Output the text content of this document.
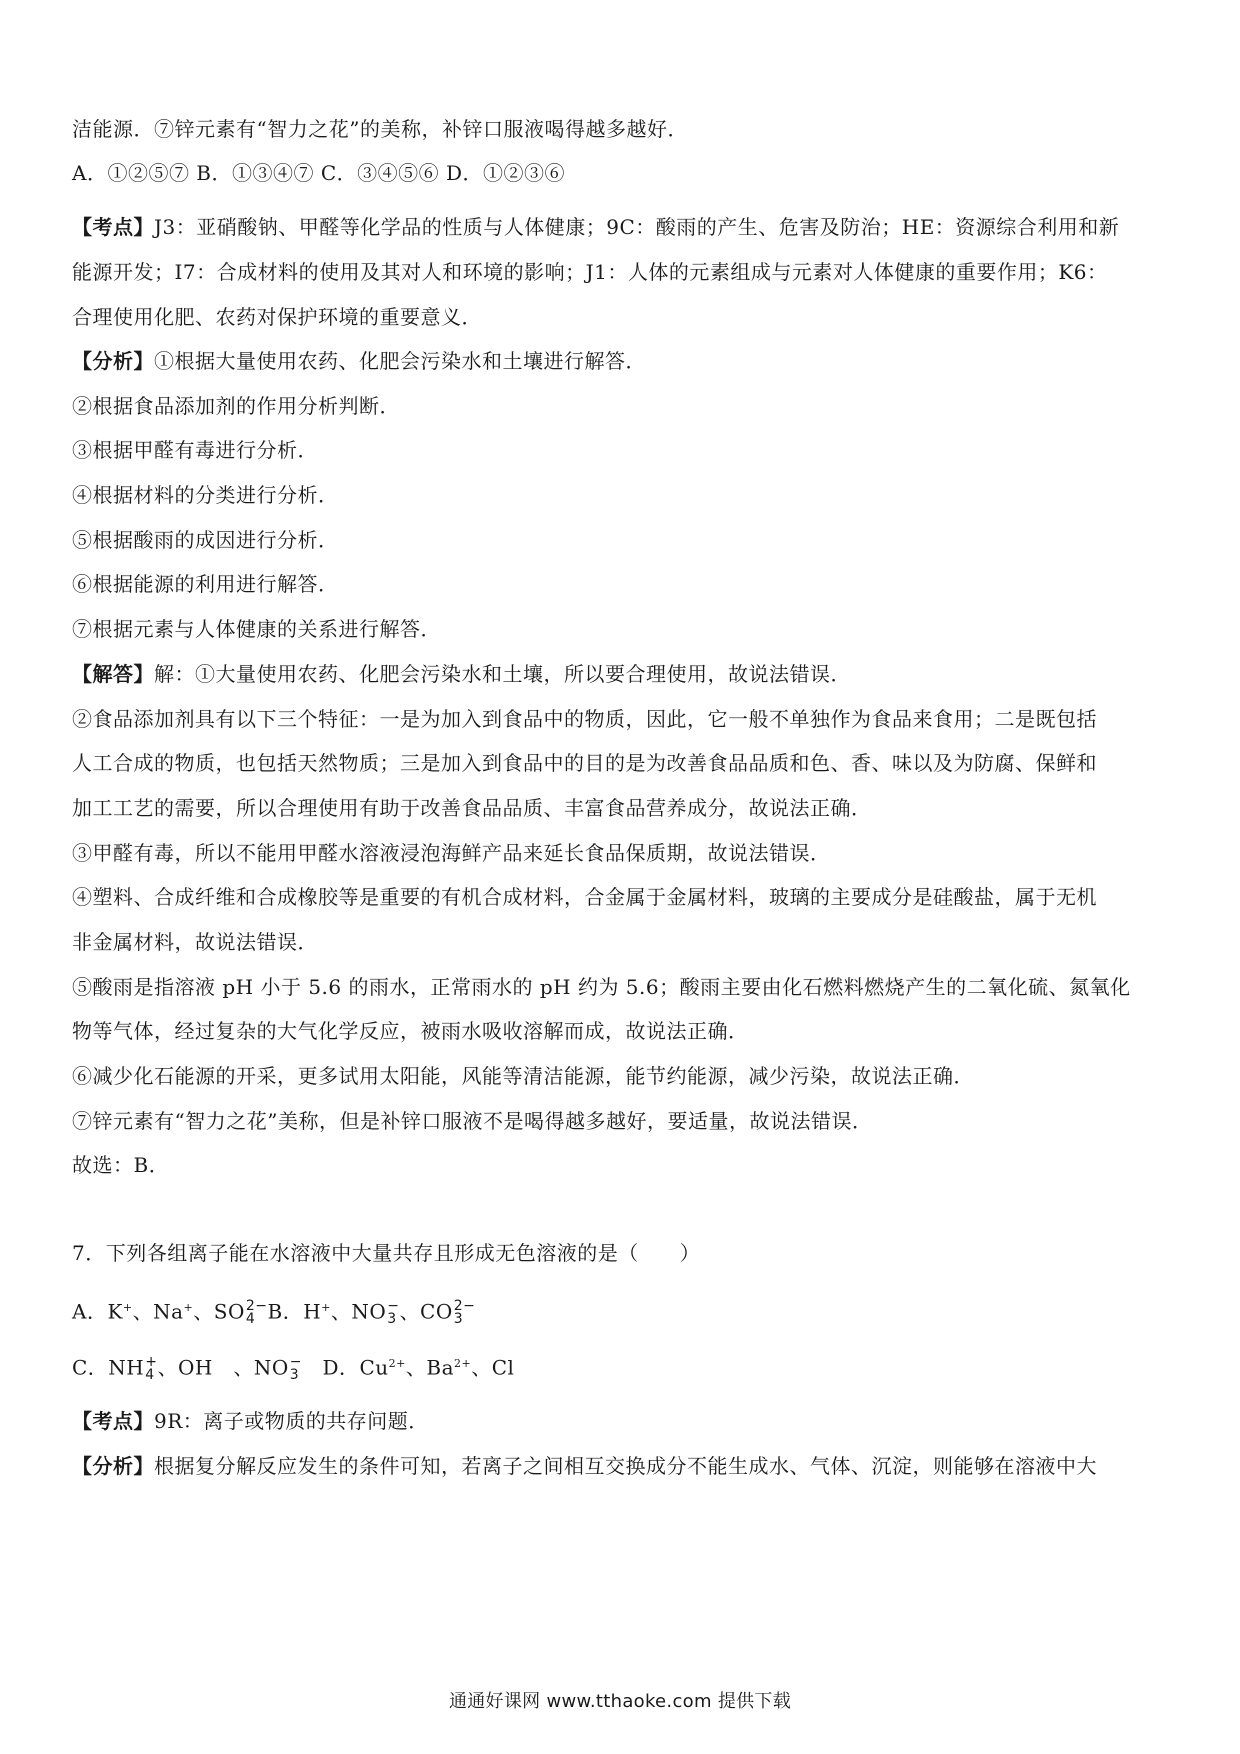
洁能源．⑦锌元素有“智力之花”的美称，补锌口服液喝得越多越好．
A．①②⑤⑦ B．①③④⑦ C．③④⑤⑥ D．①②③⑥
【考点】J3：亚硝酸钠、甲醛等化学品的性质与人体健康；9C：酸雨的产生、危害及防治；HE：资源综合利用和新
能源开发；I7：合成材料的使用及其对人和环境的影响；J1：人体的元素组成与元素对人体健康的重要作用；K6：
合理使用化肥、农药对保护环境的重要意义．
【分析】①根据大量使用农药、化肥会污染水和土壤进行解答．
②根据食品添加剂的作用分析判断．
③根据甲醛有毒进行分析．
④根据材料的分类进行分析．
⑤根据酸雨的成因进行分析．
⑥根据能源的利用进行解答．
⑦根据元素与人体健康的关系进行解答．
【解答】解：①大量使用农药、化肥会污染水和土壤，所以要合理使用，故说法错误．
②食品添加剂具有以下三个特征：一是为加入到食品中的物质，因此，它一般不单独作为食品来食用；二是既包括
人工合成的物质，也包括天然物质；三是加入到食品中的目的是为改善食品品质和色、香、味以及为防腐、保鲜和
加工工艺的需要，所以合理使用有助于改善食品品质、丰富食品营养成分，故说法正确．
③甲醛有毒，所以不能用甲醛水溶液浸泡海鲜产品来延长食品保质期，故说法错误．
④塑料、合成纤维和合成橡胶等是重要的有机合成材料，合金属于金属材料，玻璃的主要成分是硅酸盐，属于无机
非金属材料，故说法错误．
⑤酸雨是指溶液 pH 小于 5.6 的雨水，正常雨水的 pH 约为 5.6；酸雨主要由化石燃料燃烧产生的二氧化硫、氮氧化
物等气体，经过复杂的大气化学反应，被雨水吸收溶解而成，故说法正确．
⑥减少化石能源的开采，更多试用太阳能，风能等清洁能源，能节约能源，减少污染，故说法正确．
⑦锌元素有“智力之花”美称，但是补锌口服液不是喝得越多越好，要适量，故说法错误．
故选：B．
7．下列各组离子能在水溶液中大量共存且形成无色溶液的是（　　）
A．K+、Na+、SO 2−
4 B．H+、NO −
3 、CO 2−
3
C．NH +
4 、OH　、NO −
3 　D．$Cu^{2+}$、$Ba^{2+}$、Cl
【考点】9R：离子或物质的共存问题．
【分析】根据复分解反应发生的条件可知，若离子之间相互交换成分不能生成水、气体、沉淀，则能够在溶液中大
通通好课网 www.tthaoke.com 提供下载
